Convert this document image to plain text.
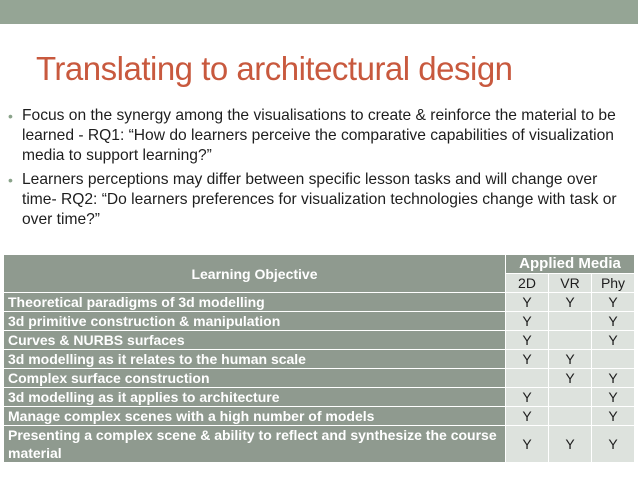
Translating to architectural design
• Focus on the synergy among the visualisations to create & reinforce the material to be learned - RQ1: “How do learners perceive the comparative capabilities of visualization media to support learning?”
• Learners perceptions may differ between specific lesson tasks and will change over time- RQ2: “Do learners preferences for visualization technologies change with task or over time?”
Learning Objective	Applied Media		
	2D	VR	Phy
Theoretical paradigms of 3d modelling	Y	Y	Y
3d primitive construction & manipulation	Y		Y
Curves & NURBS surfaces	Y		Y
3d modelling as it relates to the human scale	Y	Y	
Complex surface construction		Y	Y
3d modelling as it applies to architecture	Y		Y
Manage complex scenes with a high number of models	Y		Y
Presenting a complex scene & ability to reflect and synthesize the course material	Y	Y	Y
